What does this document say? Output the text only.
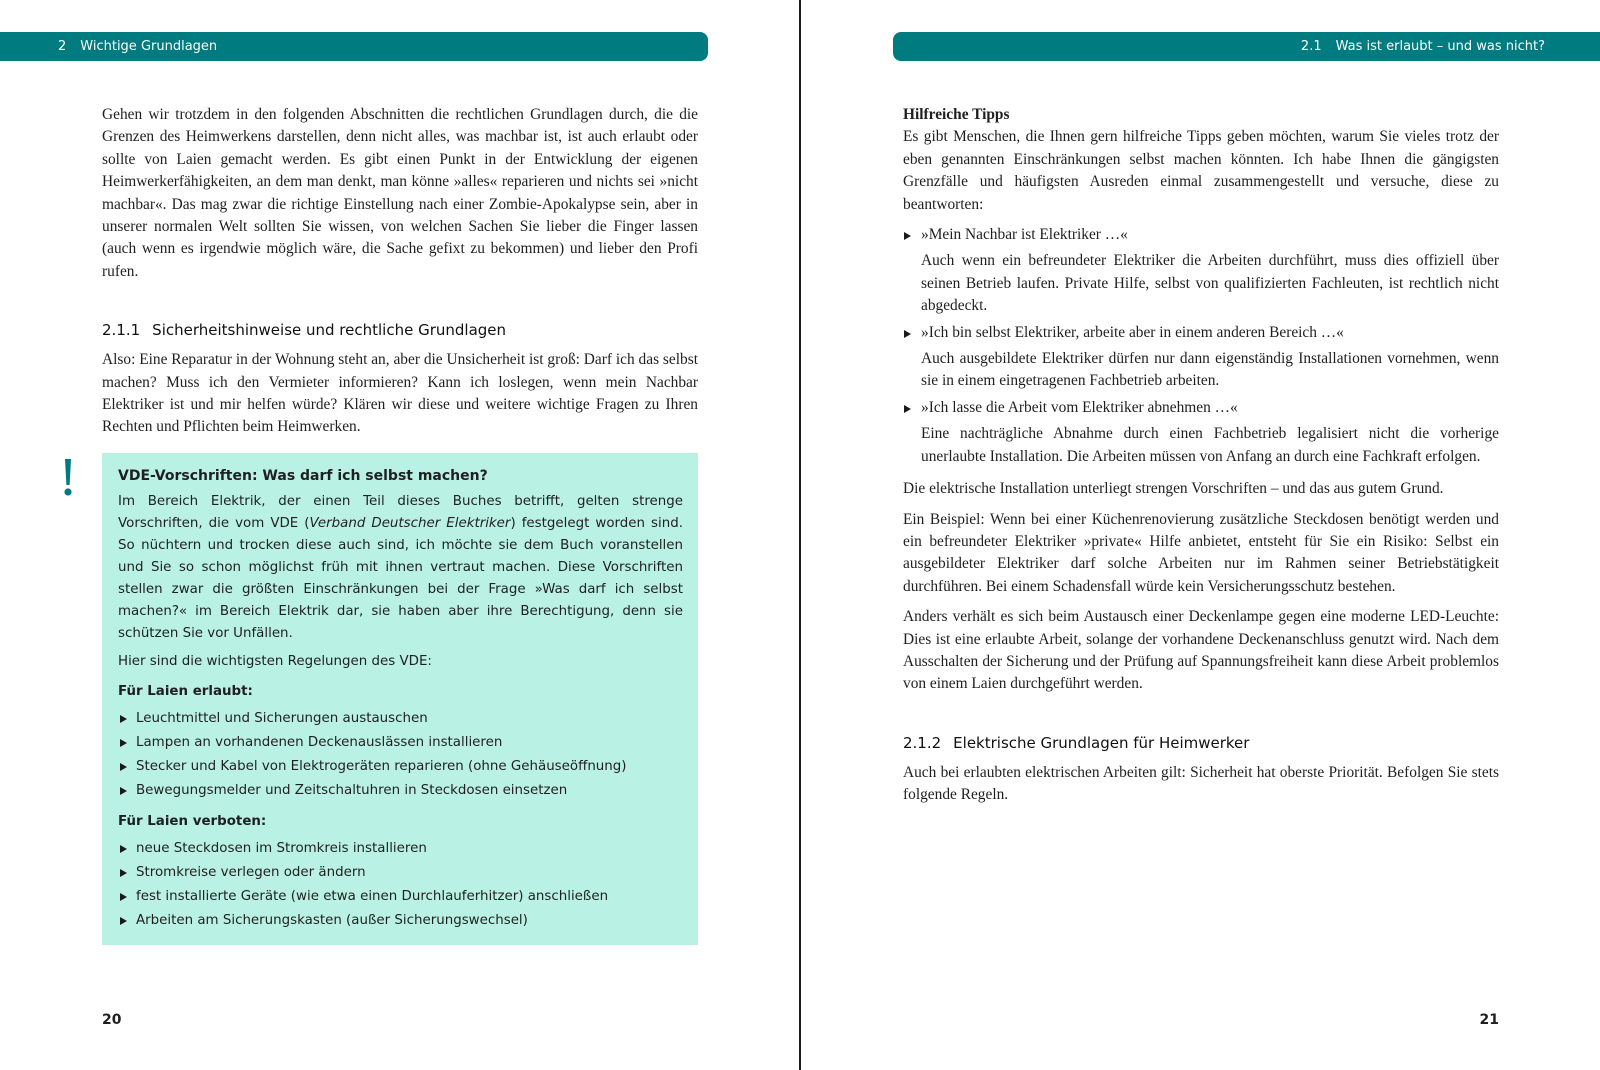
2 Wichtige Grundlagen

Gehen wir trotzdem in den folgenden Abschnitten die rechtlichen Grundlagen durch, die die Grenzen des Heimwerkens darstellen, denn nicht alles, was machbar ist, ist auch erlaubt oder sollte von Laien gemacht werden. Es gibt einen Punkt in der Entwicklung der eigenen Heimwerkerfähigkeiten, an dem man denkt, man könne »alles« reparieren und nichts sei »nicht machbar«. Das mag zwar die richtige Einstellung nach einer Zombie-Apokalypse sein, aber in unserer normalen Welt sollten Sie wissen, von welchen Sachen Sie lieber die Finger lassen (auch wenn es irgendwie möglich wäre, die Sache gefixt zu bekommen) und lieber den Profi rufen.

2.1.1 Sicherheitshinweise und rechtliche Grundlagen

Also: Eine Reparatur in der Wohnung steht an, aber die Unsicherheit ist groß: Darf ich das selbst machen? Muss ich den Vermieter informieren? Kann ich loslegen, wenn mein Nachbar Elektriker ist und mir helfen würde? Klären wir diese und weitere wichtige Fragen zu Ihren Rechten und Pflichten beim Heimwerken.

VDE-Vorschriften: Was darf ich selbst machen?
Im Bereich Elektrik, der einen Teil dieses Buches betrifft, gelten strenge Vorschriften, die vom VDE (Verband Deutscher Elektriker) festgelegt worden sind. So nüchtern und trocken diese auch sind, ich möchte sie dem Buch voranstellen und Sie so schon möglichst früh mit ihnen vertraut machen. Diese Vorschriften stellen zwar die größten Einschränkungen bei der Frage »Was darf ich selbst machen?« im Bereich Elektrik dar, sie haben aber ihre Berechtigung, denn sie schützen Sie vor Unfällen.
Hier sind die wichtigsten Regelungen des VDE:
Für Laien erlaubt:
Leuchtmittel und Sicherungen austauschen
Lampen an vorhandenen Deckenauslässen installieren
Stecker und Kabel von Elektrogeräten reparieren (ohne Gehäuseöffnung)
Bewegungsmelder und Zeitschaltuhren in Steckdosen einsetzen
Für Laien verboten:
neue Steckdosen im Stromkreis installieren
Stromkreise verlegen oder ändern
fest installierte Geräte (wie etwa einen Durchlauferhitzer) anschließen
Arbeiten am Sicherungskasten (außer Sicherungswechsel)
20
2.1 Was ist erlaubt – und was nicht?
Hilfreiche Tipps

Es gibt Menschen, die Ihnen gern hilfreiche Tipps geben möchten, warum Sie vieles trotz der eben genannten Einschränkungen selbst machen könnten. Ich habe Ihnen die gängigsten Grenzfälle und häufigsten Ausreden einmal zusammengestellt und versuche, diese zu beantworten:

»Mein Nachbar ist Elektriker …«
Auch wenn ein befreundeter Elektriker die Arbeiten durchführt, muss dies offiziell über seinen Betrieb laufen. Private Hilfe, selbst von qualifizierten Fachleuten, ist rechtlich nicht abgedeckt.
»Ich bin selbst Elektriker, arbeite aber in einem anderen Bereich …«
Auch ausgebildete Elektriker dürfen nur dann eigenständig Installationen vornehmen, wenn sie in einem eingetragenen Fachbetrieb arbeiten.
»Ich lasse die Arbeit vom Elektriker abnehmen …«
Eine nachträgliche Abnahme durch einen Fachbetrieb legalisiert nicht die vorherige unerlaubte Installation. Die Arbeiten müssen von Anfang an durch eine Fachkraft erfolgen.

Die elektrische Installation unterliegt strengen Vorschriften – und das aus gutem Grund.

Ein Beispiel: Wenn bei einer Küchenrenovierung zusätzliche Steckdosen benötigt werden und ein befreundeter Elektriker »private« Hilfe anbietet, entsteht für Sie ein Risiko: Selbst ein ausgebildeter Elektriker darf solche Arbeiten nur im Rahmen seiner Betriebstätigkeit durchführen. Bei einem Schadensfall würde kein Versicherungsschutz bestehen.

Anders verhält es sich beim Austausch einer Deckenlampe gegen eine moderne LED-Leuchte: Dies ist eine erlaubte Arbeit, solange der vorhandene Deckenanschluss genutzt wird. Nach dem Ausschalten der Sicherung und der Prüfung auf Spannungsfreiheit kann diese Arbeit problemlos von einem Laien durchgeführt werden.

2.1.2 Elektrische Grundlagen für Heimwerker

Auch bei erlaubten elektrischen Arbeiten gilt: Sicherheit hat oberste Priorität. Befolgen Sie stets folgende Regeln.

21
